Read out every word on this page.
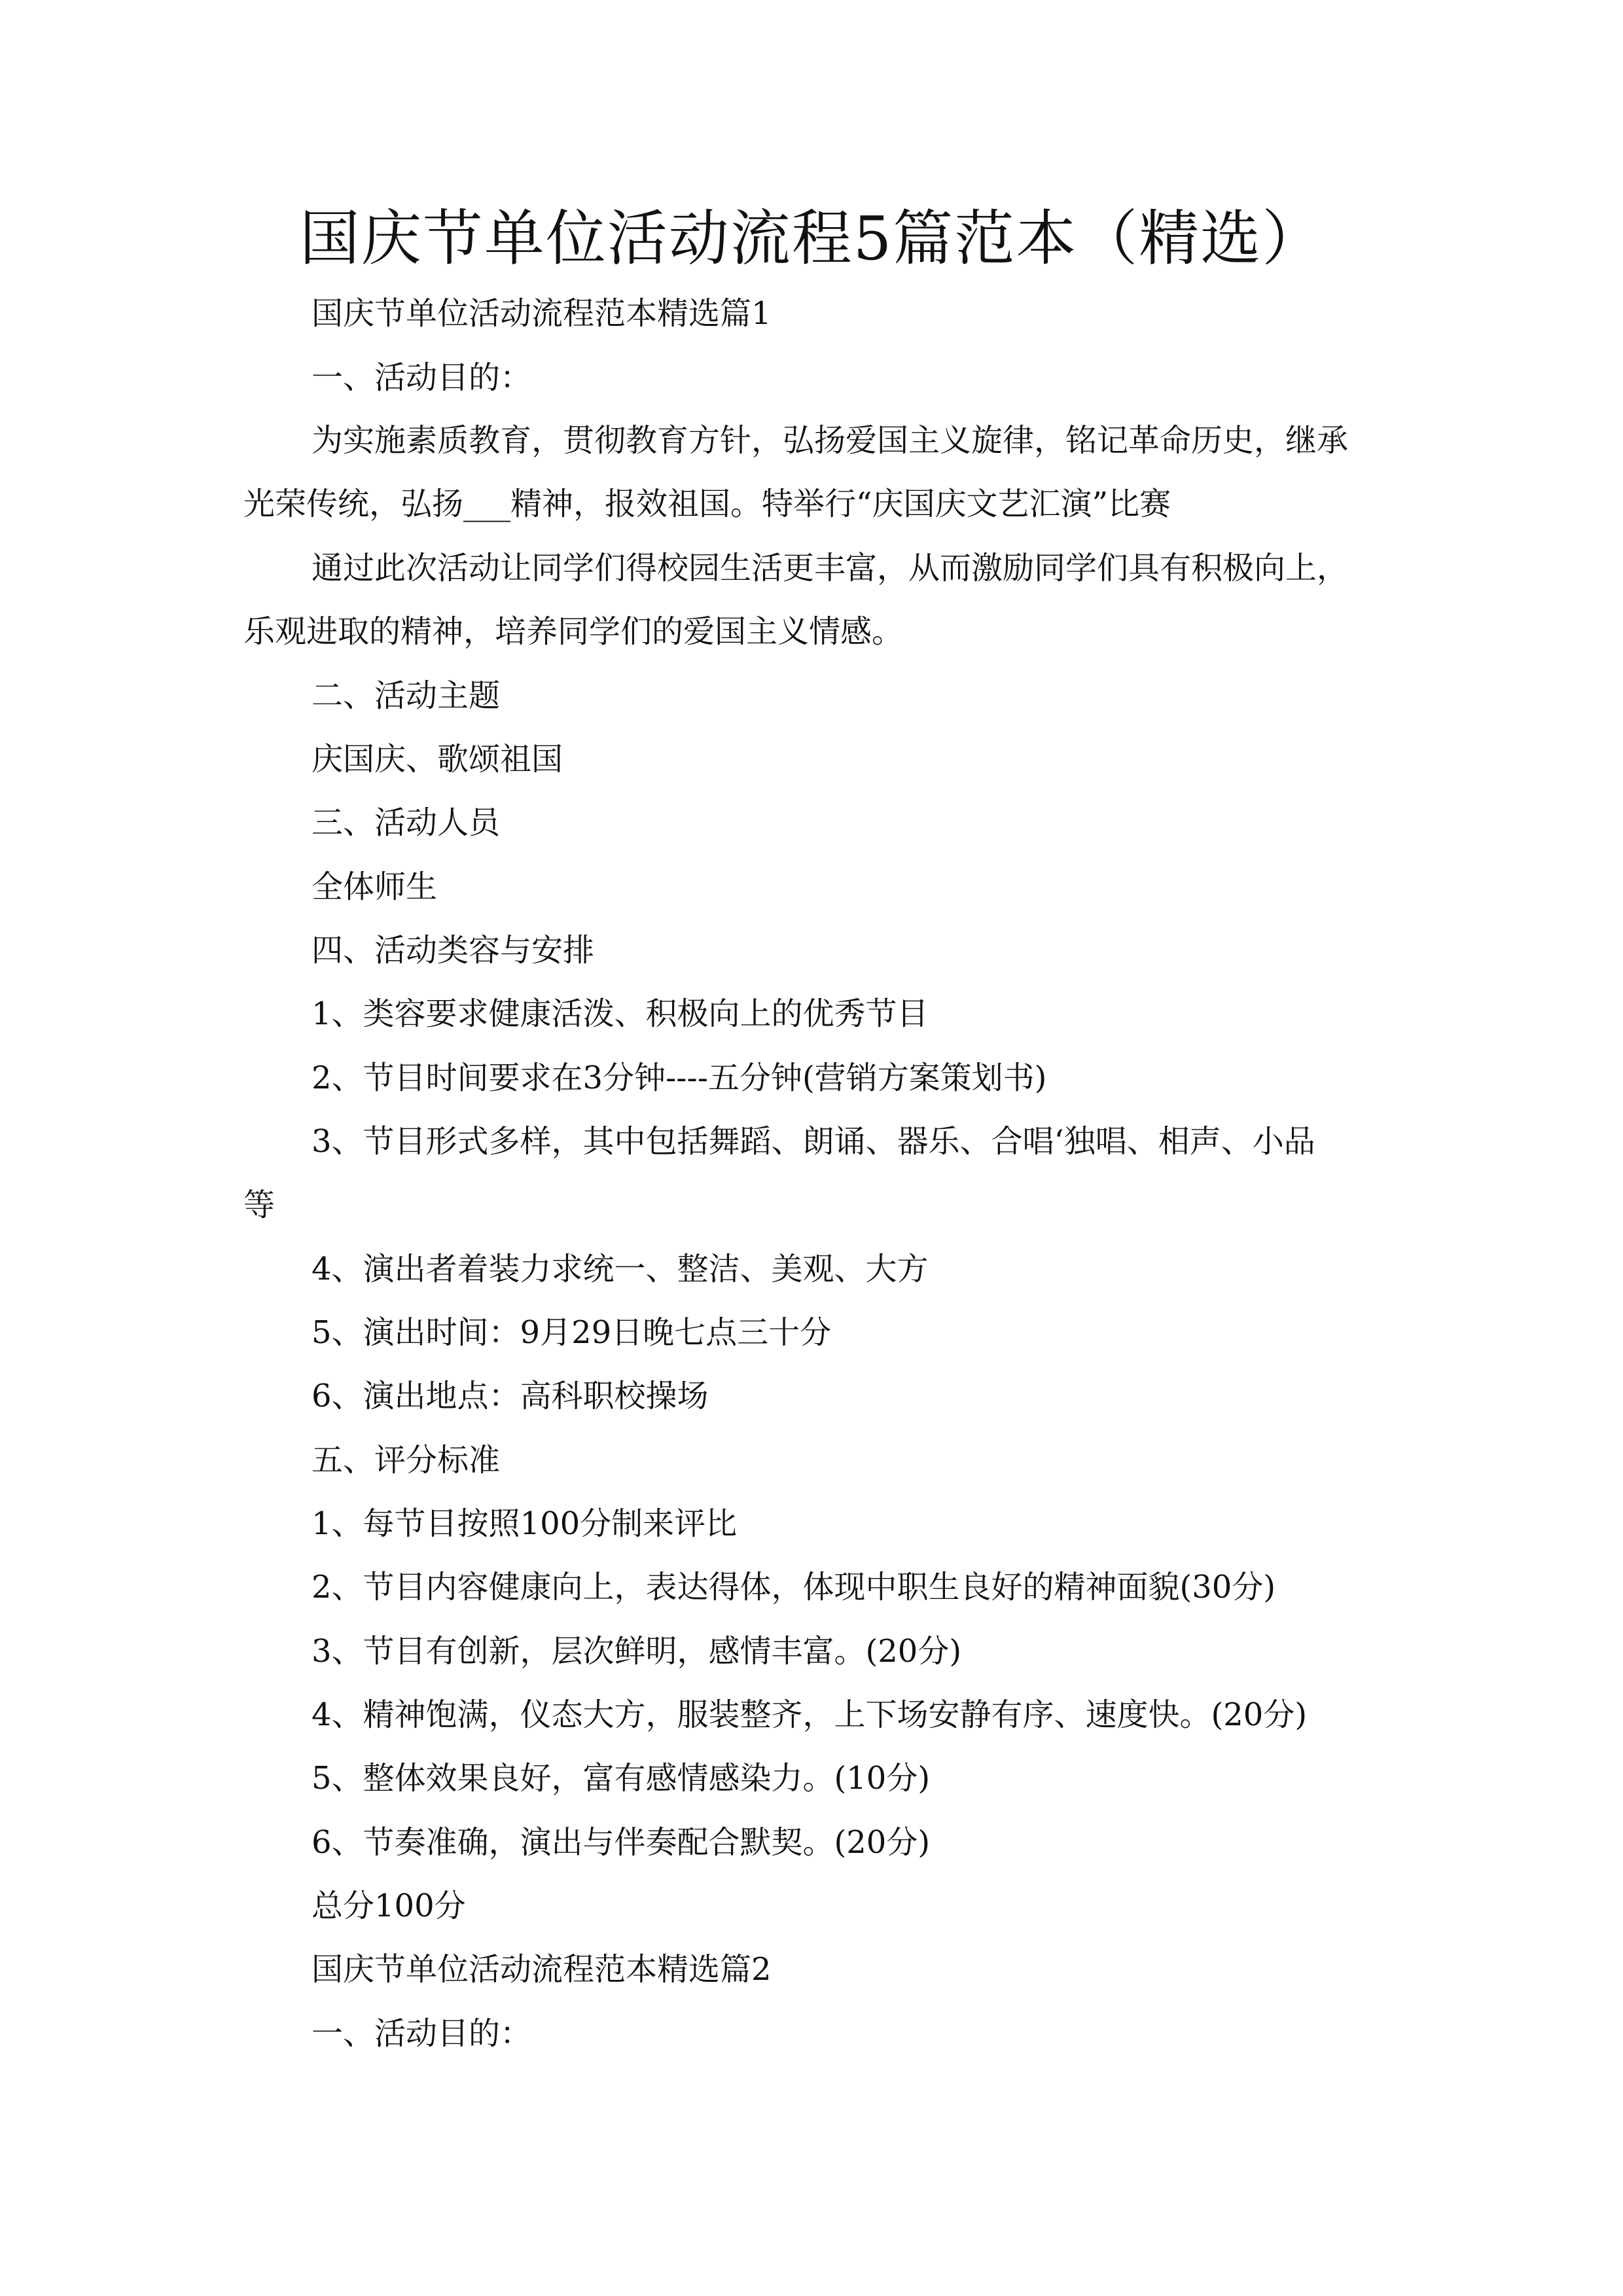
国庆节单位活动流程5篇范本（精选）
国庆节单位活动流程范本精选篇1
一、活动目的：
为实施素质教育，贯彻教育方针，弘扬爱国主义旋律，铭记革命历史，继承
光荣传统，弘扬___精神，报效祖国。特举行“庆国庆文艺汇演”比赛
通过此次活动让同学们得校园生活更丰富，从而激励同学们具有积极向上，
乐观进取的精神，培养同学们的爱国主义情感。
二、活动主题
庆国庆、歌颂祖国
三、活动人员
全体师生
四、活动类容与安排
1、类容要求健康活泼、积极向上的优秀节目
2、节目时间要求在3分钟----五分钟(营销方案策划书)
3、节目形式多样，其中包括舞蹈、朗诵、器乐、合唱‘独唱、相声、小品
等
4、演出者着装力求统一、整洁、美观、大方
5、演出时间：9月29日晚七点三十分
6、演出地点：高科职校操场
五、评分标准
1、每节目按照100分制来评比
2、节目内容健康向上，表达得体，体现中职生良好的精神面貌(30分)
3、节目有创新，层次鲜明，感情丰富。(20分)
4、精神饱满，仪态大方，服装整齐，上下场安静有序、速度快。(20分)
5、整体效果良好，富有感情感染力。(10分)
6、节奏准确，演出与伴奏配合默契。(20分)
总分100分
国庆节单位活动流程范本精选篇2
一、活动目的：
